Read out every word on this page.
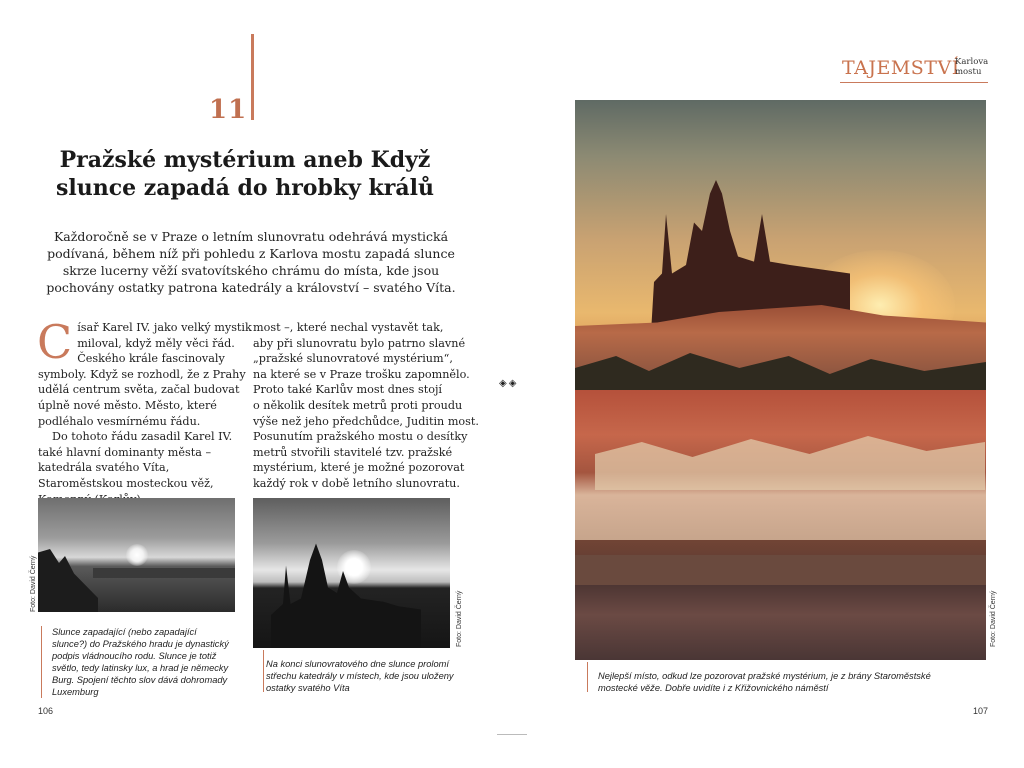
11
Pražské mystérium aneb Když
slunce zapadá do hrobky králů

Každoročně se v Praze o letním slunovratu odehrává mystická podívaná, během níž při pohledu z Karlova mostu zapadá slunce skrze lucerny věží svatovítského chrámu do místa, kde jsou pochovány ostatky patrona katedrály a království – svatého Víta.

C ísař Karel IV. jako velký mystik
miloval, když měly věci řád.
Českého krále fascinovaly
symboly. Když se rozhodl, že z Prahy
udělá centrum světa, začal budovat
úplně nové město. Město, které
podléhalo vesmírnému řádu.
Do tohoto řádu zasadil Karel IV. také hlavní dominanty města – katedrála svatého Víta, Staroměstskou mosteckou věž,
most –, které nechal vystavět tak,
aby při slunovratu bylo patrno slavné
„pražské slunovratové mystérium“,
na které se v Praze trošku zapomnělo.
Proto také Karlův most dnes stojí
o několik desítek metrů proti proudu
výše než jeho předchůdce, Juditin most.
Posunutím pražského mostu o desítky
metrů stvořili stavitelé tzv. pražské
mystérium, které je možné pozorovat
každý rok v době letního slunovratu.
Foto: David Černý

Slunce zapadající (nebo zapadající slunce?) do Pražského hradu je dynastický podpis vládnoucího rodu. Slunce je totiž světlo, tedy latinsky lux, a hrad je německy Burg. Spojení těchto slov dává dohromady Luxemburg

Foto: David Černý

Na konci slunovratového dne slunce prolomí střechu katedrály v místech, kde jsou uloženy ostatky svatého Víta

106
◈◈
TAJEMSTVÍ
Karlova mostu
Foto: David Černý

Nejlepší místo, odkud lze pozorovat pražské mystérium, je z brány Staroměstské mostecké věže. Dobře uvidíte i z Křižovnického náměstí

107
